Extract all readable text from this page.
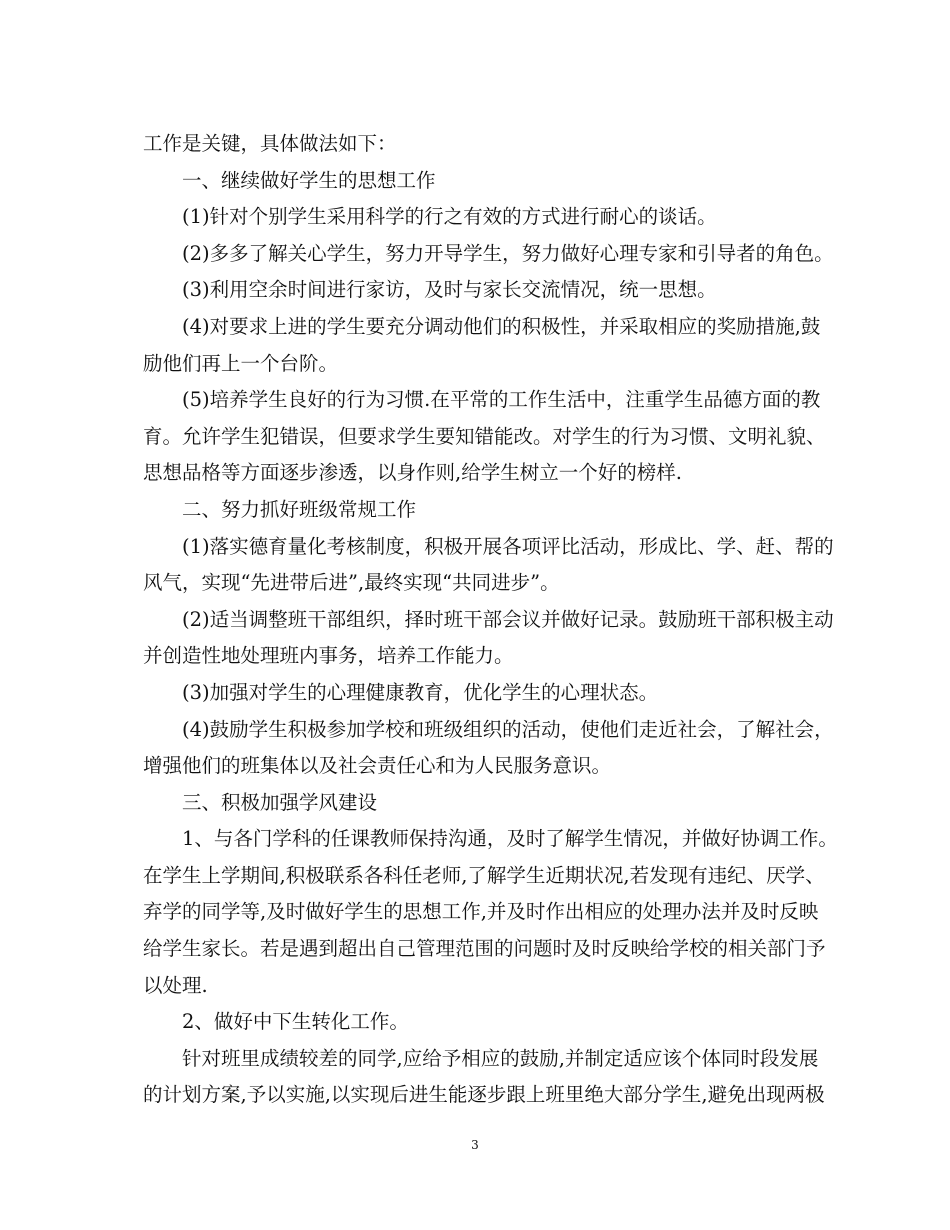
工作是关键，具体做法如下：
一、继续做好学生的思想工作
(1)针对个别学生采用科学的行之有效的方式进行耐心的谈话。
(2)多多了解关心学生，努力开导学生，努力做好心理专家和引导者的角色。
(3)利用空余时间进行家访，及时与家长交流情况，统一思想。
(4)对要求上进的学生要充分调动他们的积极性，并采取相应的奖励措施,鼓
励他们再上一个台阶。
(5)培养学生良好的行为习惯.在平常的工作生活中，注重学生品德方面的教
育。允许学生犯错误，但要求学生要知错能改。对学生的行为习惯、文明礼貌、
思想品格等方面逐步渗透，以身作则,给学生树立一个好的榜样.
二、努力抓好班级常规工作
(1)落实德育量化考核制度，积极开展各项评比活动，形成比、学、赶、帮的
风气，实现“先进带后进”,最终实现“共同进步”。
(2)适当调整班干部组织，择时班干部会议并做好记录。鼓励班干部积极主动
并创造性地处理班内事务，培养工作能力。
(3)加强对学生的心理健康教育，优化学生的心理状态。
(4)鼓励学生积极参加学校和班级组织的活动，使他们走近社会，了解社会，
增强他们的班集体以及社会责任心和为人民服务意识。
三、积极加强学风建设
1、与各门学科的任课教师保持沟通，及时了解学生情况，并做好协调工作。
在学生上学期间,积极联系各科任老师,了解学生近期状况,若发现有违纪、厌学、
弃学的同学等,及时做好学生的思想工作,并及时作出相应的处理办法并及时反映
给学生家长。若是遇到超出自己管理范围的问题时及时反映给学校的相关部门予
以处理.
2、做好中下生转化工作。
针对班里成绩较差的同学,应给予相应的鼓励,并制定适应该个体同时段发展
的计划方案,予以实施,以实现后进生能逐步跟上班里绝大部分学生,避免出现两极
3
